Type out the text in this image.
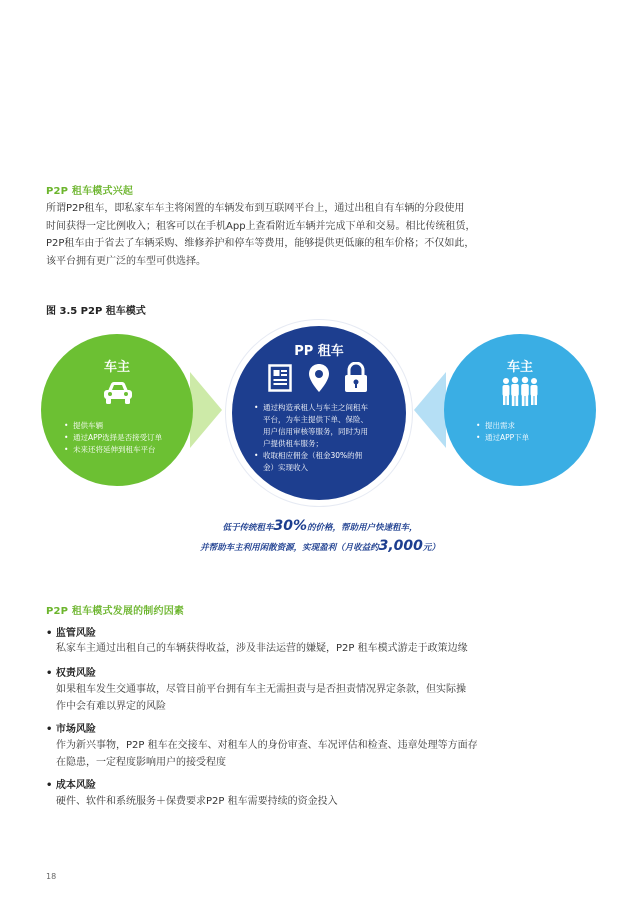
P2P 租车模式兴起

所谓P2P租车，即私家车车主将闲置的车辆发布到互联网平台上，通过出租自有车辆的分段使用

时间获得一定比例收入；租客可以在手机App上查看附近车辆并完成下单和交易。相比传统租赁，

P2P租车由于省去了车辆采购、维修养护和停车等费用，能够提供更低廉的租车价格；不仅如此，

该平台拥有更广泛的车型可供选择。

图 3.5 P2P 租车模式
车主
• 提供车辆
• 通过APP选择是否接受订单
• 未来还将延伸到租车平台
PP 租车
• 通过构造承租人与车主之间租车
平台，为车主提供下单、保险、
用户信用审核等服务，同时为用
户提供租车服务；
• 收取相应佣金（租金30%的佣
金）实现收入
车主
• 提出需求
• 通过APP下单
低于传统租车30%的价格，帮助用户快速租车，
并帮助车主利用闲散资源，实现盈利（月收益约3,000元）
P2P 租车模式发展的制约因素
• 监管风险
私家车主通过出租自己的车辆获得收益，涉及非法运营的嫌疑，P2P 租车模式游走于政策边缘
• 权责风险
如果租车发生交通事故，尽管目前平台拥有车主无需担责与是否担责情况界定条款，但实际操
作中会有难以界定的风险
• 市场风险
作为新兴事物，P2P 租车在交接车、对租车人的身份审查、车况评估和检查、违章处理等方面存
在隐患，一定程度影响用户的接受程度
• 成本风险
硬件、软件和系统服务＋保费要求P2P 租车需要持续的资金投入
18
